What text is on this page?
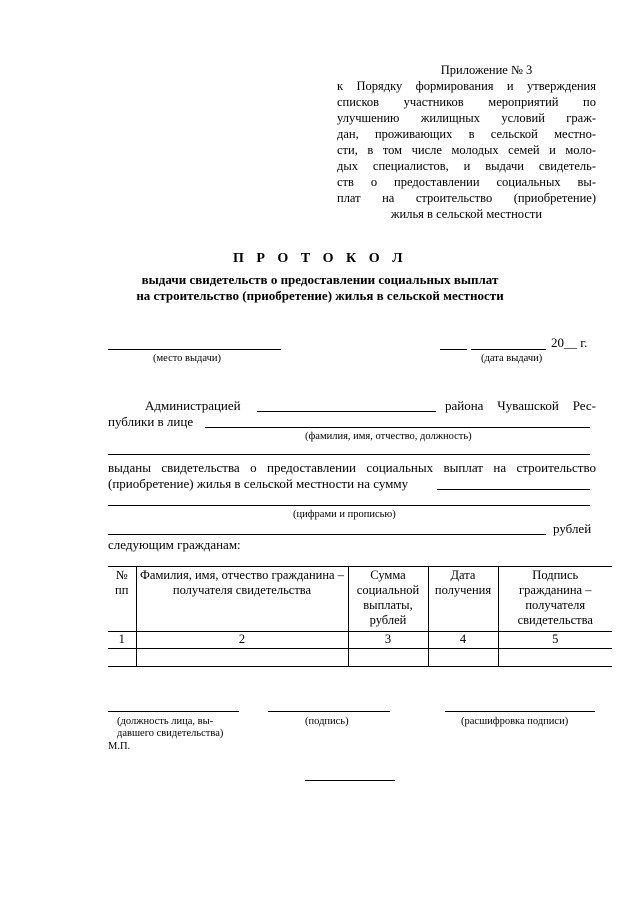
Приложение № 3
к Порядку формирования и утверждения
списков участников мероприятий по
улучшению жилищных условий граж-
дан, проживающих в сельской местно-
сти, в том числе молодых семей и моло-
дых специалистов, и выдачи свидетель-
ств о предоставлении социальных вы-
плат на строительство (приобретение)
жилья в сельской местности
П Р О Т О К О Л
выдачи свидетельств о предоставлении социальных выплат
на строительство (приобретение) жилья в сельской местности
(место выдачи)
20__ г.
(дата выдачи)
Администрацией	района Чувашской Рес-
публики в лице
(фамилия, имя, отчество, должность)
выданы свидетельства о предоставлении социальных выплат на строительство
(приобретение) жилья в сельской местности на сумму
(цифрами и прописью)
рублей
следующим гражданам:
№ пп	Фамилия, имя, отчество гражданина – получателя свидетельства	Сумма социальной выплаты, рублей	Дата получения	Подпись гражданина – получателя свидетельства
1	2	3	4	5

(должность лица, вы-
давшего свидетельства)
(подпись)	(расшифровка подписи)
М.П.
